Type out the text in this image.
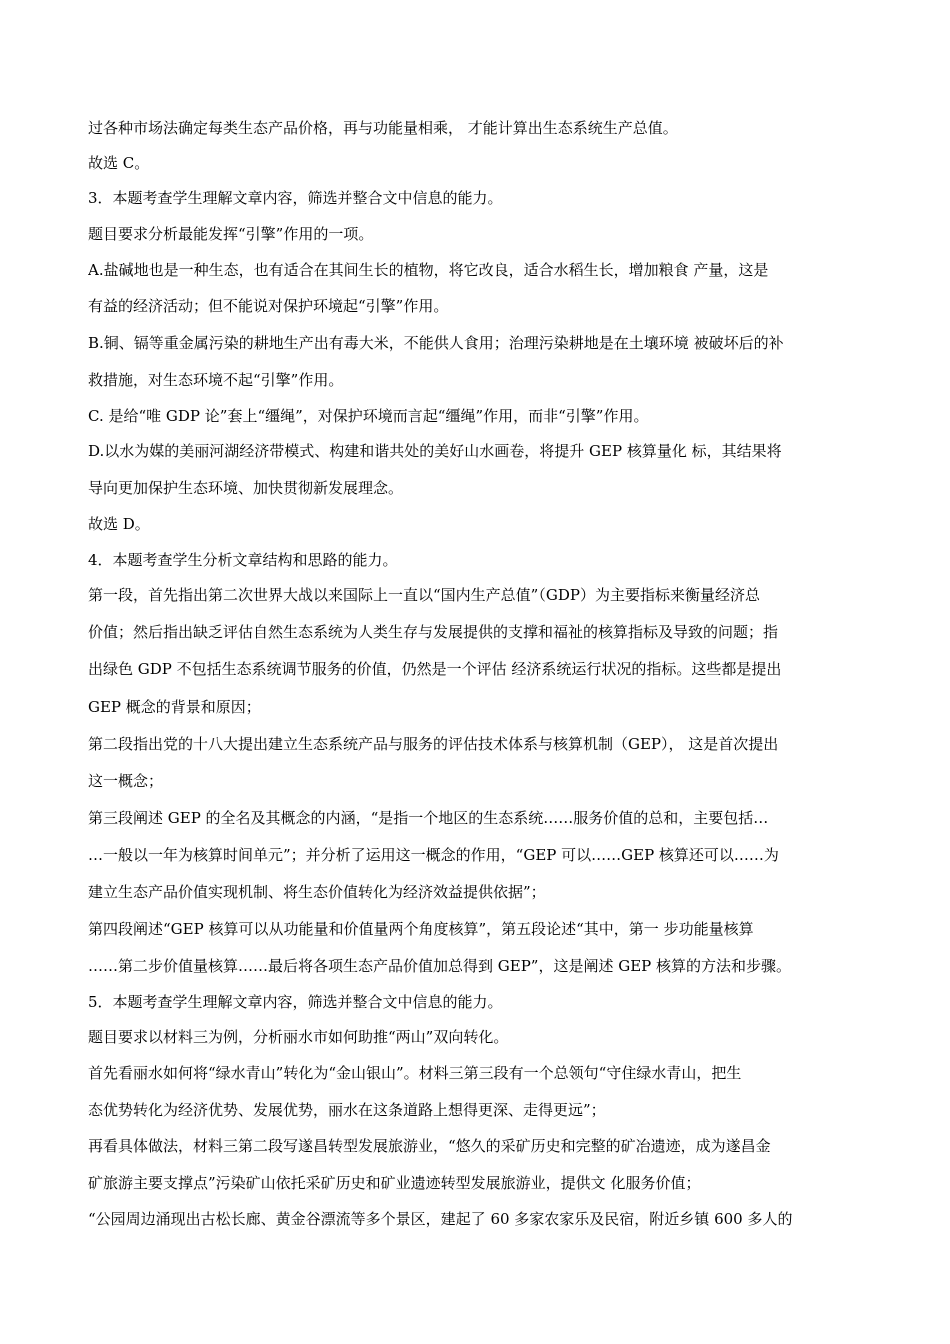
过各种市场法确定每类生态产品价格，再与功能量相乘， 才能计算出生态系统生产总值。
故选 C。
3．本题考查学生理解文章内容，筛选并整合文中信息的能力。
题目要求分析最能发挥“引擎”作用的一项。
A.盐碱地也是一种生态，也有适合在其间生长的植物，将它改良，适合水稻生长，增加粮食 产量，这是
有益的经济活动；但不能说对保护环境起“引擎”作用。
B.铜、镉等重金属污染的耕地生产出有毒大米，不能供人食用；治理污染耕地是在土壤环境 被破坏后的补
救措施，对生态环境不起“引擎”作用。
C. 是给“唯 GDP 论”套上“缰绳”，对保护环境而言起“缰绳”作用，而非“引擎”作用。
D.以水为媒的美丽河湖经济带模式、构建和谐共处的美好山水画卷，将提升 GEP 核算量化 标，其结果将
导向更加保护生态环境、加快贯彻新发展理念。
故选 D。
4．本题考查学生分析文章结构和思路的能力。
第一段，首先指出第二次世界大战以来国际上一直以“国内生产总值”（GDP）为主要指标来衡量经济总
价值；然后指出缺乏评估自然生态系统为人类生存与发展提供的支撑和福祉的核算指标及导致的问题；指
出绿色 GDP 不包括生态系统调节服务的价值，仍然是一个评估 经济系统运行状况的指标。这些都是提出
GEP 概念的背景和原因；
第二段指出党的十八大提出建立生态系统产品与服务的评估技术体系与核算机制（GEP）， 这是首次提出
这一概念；
第三段阐述 GEP 的全名及其概念的内涵，“是指一个地区的生态系统……服务价值的总和，主要包括…
…一般以一年为核算时间单元”；并分析了运用这一概念的作用，“GEP 可以……GEP 核算还可以……为
建立生态产品价值实现机制、将生态价值转化为经济效益提供依据”；
第四段阐述“GEP 核算可以从功能量和价值量两个角度核算”，第五段论述“其中，第一 步功能量核算
……第二步价值量核算……最后将各项生态产品价值加总得到 GEP”，这是阐述 GEP 核算的方法和步骤。
5．本题考查学生理解文章内容，筛选并整合文中信息的能力。
题目要求以材料三为例，分析丽水市如何助推“两山”双向转化。
首先看丽水如何将“绿水青山”转化为“金山银山”。材料三第三段有一个总领句“守住绿水青山，把生
态优势转化为经济优势、发展优势，丽水在这条道路上想得更深、走得更远”；
再看具体做法，材料三第二段写遂昌转型发展旅游业，“悠久的采矿历史和完整的矿冶遗迹，成为遂昌金
矿旅游主要支撑点”污染矿山依托采矿历史和矿业遗迹转型发展旅游业，提供文 化服务价值；
“公园周边涌现出古松长廊、黄金谷漂流等多个景区，建起了 60 多家农家乐及民宿，附近乡镇 600 多人的
